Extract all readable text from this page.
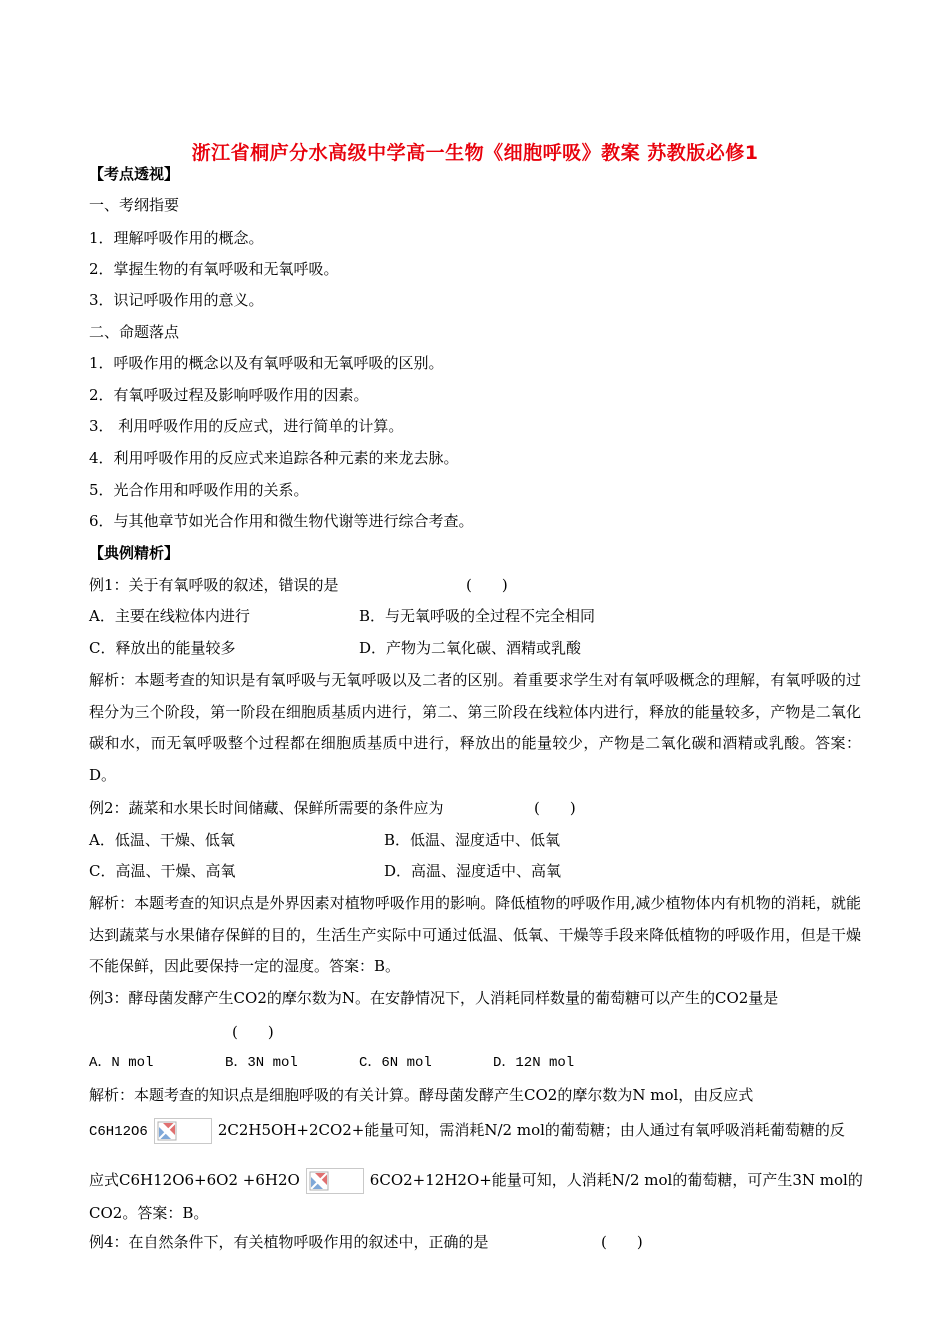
浙江省桐庐分水高级中学高一生物《细胞呼吸》教案 苏教版必修1
【考点透视】
一、考纲指要
1．理解呼吸作用的概念。
2．掌握生物的有氧呼吸和无氧呼吸。
3．识记呼吸作用的意义。
二、命题落点
1．呼吸作用的概念以及有氧呼吸和无氧呼吸的区别。
2．有氧呼吸过程及影响呼吸作用的因素。
3． 利用呼吸作用的反应式，进行简单的计算。
4．利用呼吸作用的反应式来追踪各种元素的来龙去脉。
5．光合作用和呼吸作用的关系。
6．与其他章节如光合作用和微生物代谢等进行综合考查。
【典例精析】
例1：关于有氧呼吸的叙述，错误的是	(　　)
A．主要在线粒体内进行	B．与无氧呼吸的全过程不完全相同
C．释放出的能量较多	D．产物为二氧化碳、酒精或乳酸
解析：本题考查的知识是有氧呼吸与无氧呼吸以及二者的区别。着重要求学生对有氧呼吸概念的理解，有氧呼吸的过程分为三个阶段，第一阶段在细胞质基质内进行，第二、第三阶段在线粒体内进行，释放的能量较多，产物是二氧化碳和水，而无氧呼吸整个过程都在细胞质基质中进行，释放出的能量较少，产物是二氧化碳和酒精或乳酸。答案：D。
例2：蔬菜和水果长时间储藏、保鲜所需要的条件应为	(　　)
A．低温、干燥、低氧	B．低温、湿度适中、低氧
C．高温、干燥、高氧	D．高温、湿度适中、高氧
解析：本题考查的知识点是外界因素对植物呼吸作用的影响。降低植物的呼吸作用,减少植物体内有机物的消耗，就能达到蔬菜与水果储存保鲜的目的，生活生产实际中可通过低温、低氧、干燥等手段来降低植物的呼吸作用，但是干燥不能保鲜，因此要保持一定的湿度。答案：B。
例3：酵母菌发酵产生CO2的摩尔数为N。在安静情况下，人消耗同样数量的葡萄糖可以产生的CO2量是
(　　)
A．N mol	B．3N mol	C．6N mol	D．12N mol
解析：本题考查的知识点是细胞呼吸的有关计算。酵母菌发酵产生CO2的摩尔数为N mol，由反应式
C6H12O6	2C2H5OH+2CO2+能量可知，需消耗N/2 mol的葡萄糖；由人通过有氧呼吸消耗葡萄糖的反
应式C6H12O6+6O2 +6H2O	6CO2+12H2O+能量可知，人消耗N/2 mol的葡萄糖，可产生3N mol的
CO2。答案：B。
例4：在自然条件下，有关植物呼吸作用的叙述中，正确的是	(　　)
